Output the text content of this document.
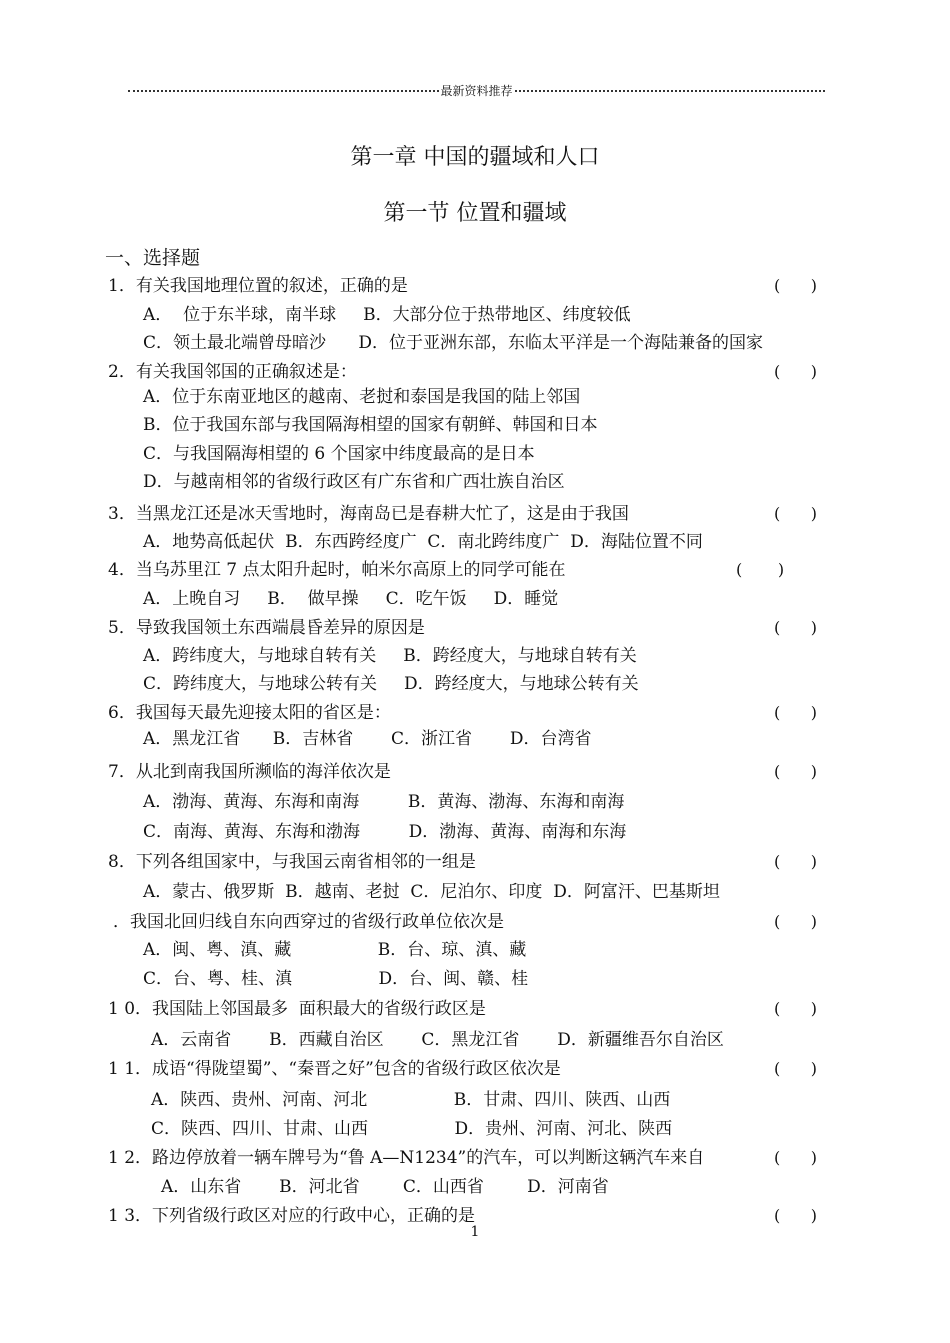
最新资料推荐
第一章 中国的疆域和人口
第一节 位置和疆域
一、选择题
1．有关我国地理位置的叙述，正确的是
A．  位于东半球，南半球     B．大部分位于热带地区、纬度较低
C．领土最北端曾母暗沙      D．位于亚洲东部，东临太平洋是一个海陆兼备的国家
2．有关我国邻国的正确叙述是：
A．位于东南亚地区的越南、老挝和泰国是我国的陆上邻国
B．位于我国东部与我国隔海相望的国家有朝鲜、韩国和日本
C．与我国隔海相望的 6 个国家中纬度最高的是日本
D．与越南相邻的省级行政区有广东省和广西壮族自治区
3．当黑龙江还是冰天雪地时，海南岛已是春耕大忙了，这是由于我国
A．地势高低起伏  B．东西跨经度广  C．南北跨纬度广  D．海陆位置不同
4．当乌苏里江 7 点太阳升起时，帕米尔高原上的同学可能在
A．上晚自习     B．  做早操     C．吃午饭     D．睡觉
5．导致我国领土东西端晨昏差异的原因是
A．跨纬度大，与地球自转有关     B．跨经度大，与地球自转有关
C．跨纬度大，与地球公转有关     D．跨经度大，与地球公转有关
6．我国每天最先迎接太阳的省区是：
A．黑龙江省      B．吉林省       C．浙江省       D．台湾省
7．从北到南我国所濒临的海洋依次是
A．渤海、黄海、东海和南海         B．黄海、渤海、东海和南海
C．南海、黄海、东海和渤海         D．渤海、黄海、南海和东海
8．下列各组国家中，与我国云南省相邻的一组是
A．蒙古、俄罗斯  B．越南、老挝  C．尼泊尔、印度  D．阿富汗、巴基斯坦
．我国北回归线自东向西穿过的省级行政单位依次是
A．闽、粤、滇、藏                B．台、琼、滇、藏
C．台、粤、桂、滇                D．台、闽、赣、桂
1 0．我国陆上邻国最多  面积最大的省级行政区是
A．云南省       B．西藏自治区       C．黑龙江省       D．新疆维吾尔自治区
1 1．成语“得陇望蜀”、“秦晋之好”包含的省级行政区依次是
A．陕西、贵州、河南、河北                B．甘肃、四川、陕西、山西
C．陕西、四川、甘肃、山西                D．贵州、河南、河北、陕西
1 2．路边停放着一辆车牌号为“鲁 A—N1234”的汽车，可以判断这辆汽车来自
A．山东省       B．河北省        C．山西省        D．河南省
1 3．下列省级行政区对应的行政中心，正确的是
(      )
(      )
(      )
(       )
(      )
(      )
(      )
(      )
(      )
(      )
(      )
(      )
(      )
1
